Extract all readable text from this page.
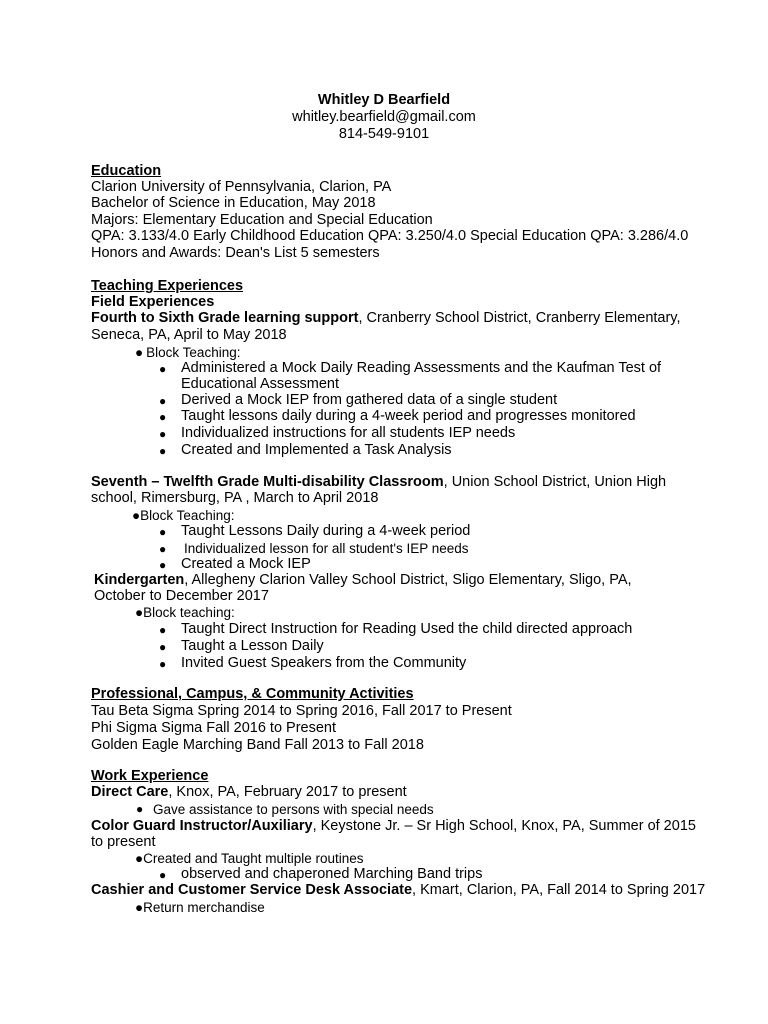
Whitley D Bearfield
whitley.bearfield@gmail.com
814-549-9101
Education
Clarion University of Pennsylvania, Clarion, PA
Bachelor of Science in Education, May 2018
Majors: Elementary Education and Special Education
QPA: 3.133/4.0 Early Childhood Education QPA: 3.250/4.0 Special Education QPA: 3.286/4.0
Honors and Awards: Dean's List 5 semesters
Teaching Experiences
Field Experiences
Fourth to Sixth Grade learning support, Cranberry School District, Cranberry Elementary,
Seneca, PA, April to May 2018
● Block Teaching:
● Administered a Mock Daily Reading Assessments and the Kaufman Test of
Educational Assessment
● Derived a Mock IEP from gathered data of a single student
● Taught lessons daily during a 4-week period and progresses monitored
● Individualized instructions for all students IEP needs
● Created and Implemented a Task Analysis
Seventh – Twelfth Grade Multi-disability Classroom, Union School District, Union High
school, Rimersburg, PA , March to April 2018
●Block Teaching:
● Taught Lessons Daily during a 4-week period
● Individualized lesson for all student's IEP needs
● Created a Mock IEP
Kindergarten, Allegheny Clarion Valley School District, Sligo Elementary, Sligo, PA,
October to December 2017
●Block teaching:
● Taught Direct Instruction for Reading Used the child directed approach
● Taught a Lesson Daily
● Invited Guest Speakers from the Community
Professional, Campus, & Community Activities
Tau Beta Sigma Spring 2014 to Spring 2016, Fall 2017 to Present
Phi Sigma Sigma Fall 2016 to Present
Golden Eagle Marching Band Fall 2013 to Fall 2018
Work Experience
Direct Care, Knox, PA, February 2017 to present
● Gave assistance to persons with special needs
Color Guard Instructor/Auxiliary, Keystone Jr. – Sr High School, Knox, PA, Summer of 2015
to present
●Created and Taught multiple routines
● observed and chaperoned Marching Band trips
Cashier and Customer Service Desk Associate, Kmart, Clarion, PA, Fall 2014 to Spring 2017
●Return merchandise
